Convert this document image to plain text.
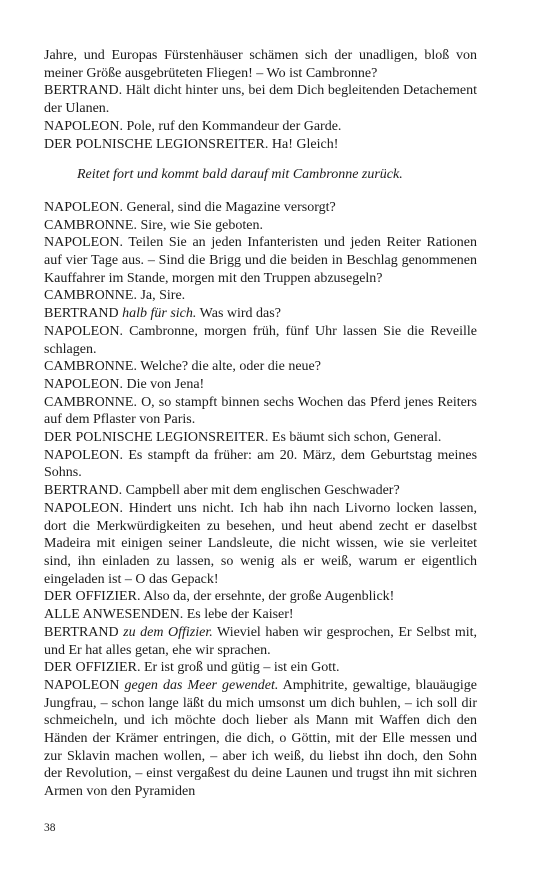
Jahre, und Europas Fürstenhäuser schämen sich der unadligen, bloß von meiner Größe ausgebrüteten Fliegen! – Wo ist Cambronne?

BERTRAND. Hält dicht hinter uns, bei dem Dich begleitenden Detachement der Ulanen.

NAPOLEON. Pole, ruf den Kommandeur der Garde.

DER POLNISCHE LEGIONSREITER. Ha! Gleich!

Reitet fort und kommt bald darauf mit Cambronne zurück.

NAPOLEON. General, sind die Magazine versorgt?

CAMBRONNE. Sire, wie Sie geboten.

NAPOLEON. Teilen Sie an jeden Infanteristen und jeden Reiter Rationen auf vier Tage aus. – Sind die Brigg und die beiden in Beschlag genommenen Kauffahrer im Stande, morgen mit den Truppen abzusegeln?

CAMBRONNE. Ja, Sire.

BERTRAND halb für sich. Was wird das?

NAPOLEON. Cambronne, morgen früh, fünf Uhr lassen Sie die Reveille schlagen.

CAMBRONNE. Welche? die alte, oder die neue?

NAPOLEON. Die von Jena!

CAMBRONNE. O, so stampft binnen sechs Wochen das Pferd jenes Reiters auf dem Pflaster von Paris.

DER POLNISCHE LEGIONSREITER. Es bäumt sich schon, General.

NAPOLEON. Es stampft da früher: am 20. März, dem Geburtstag meines Sohns.

BERTRAND. Campbell aber mit dem englischen Geschwader?

NAPOLEON. Hindert uns nicht. Ich hab ihn nach Livorno locken lassen, dort die Merkwürdigkeiten zu besehen, und heut abend zecht er daselbst Madeira mit einigen seiner Landsleute, die nicht wissen, wie sie verleitet sind, ihn einladen zu lassen, so wenig als er weiß, warum er eigentlich eingeladen ist – O das Gepack!

DER OFFIZIER. Also da, der ersehnte, der große Augenblick!

ALLE ANWESENDEN. Es lebe der Kaiser!

BERTRAND zu dem Offizier. Wieviel haben wir gesprochen, Er Selbst mit, und Er hat alles getan, ehe wir sprachen.

DER OFFIZIER. Er ist groß und gütig – ist ein Gott.

NAPOLEON gegen das Meer gewendet. Amphitrite, gewaltige, blauäugige Jungfrau, – schon lange läßt du mich umsonst um dich buhlen, – ich soll dir schmeicheln, und ich möchte doch lieber als Mann mit Waffen dich den Händen der Krämer entringen, die dich, o Göttin, mit der Elle messen und zur Sklavin machen wollen, – aber ich weiß, du liebst ihn doch, den Sohn der Revolution, – einst vergaßest du deine Launen und trugst ihn mit sichren Armen von den Pyramiden

38
